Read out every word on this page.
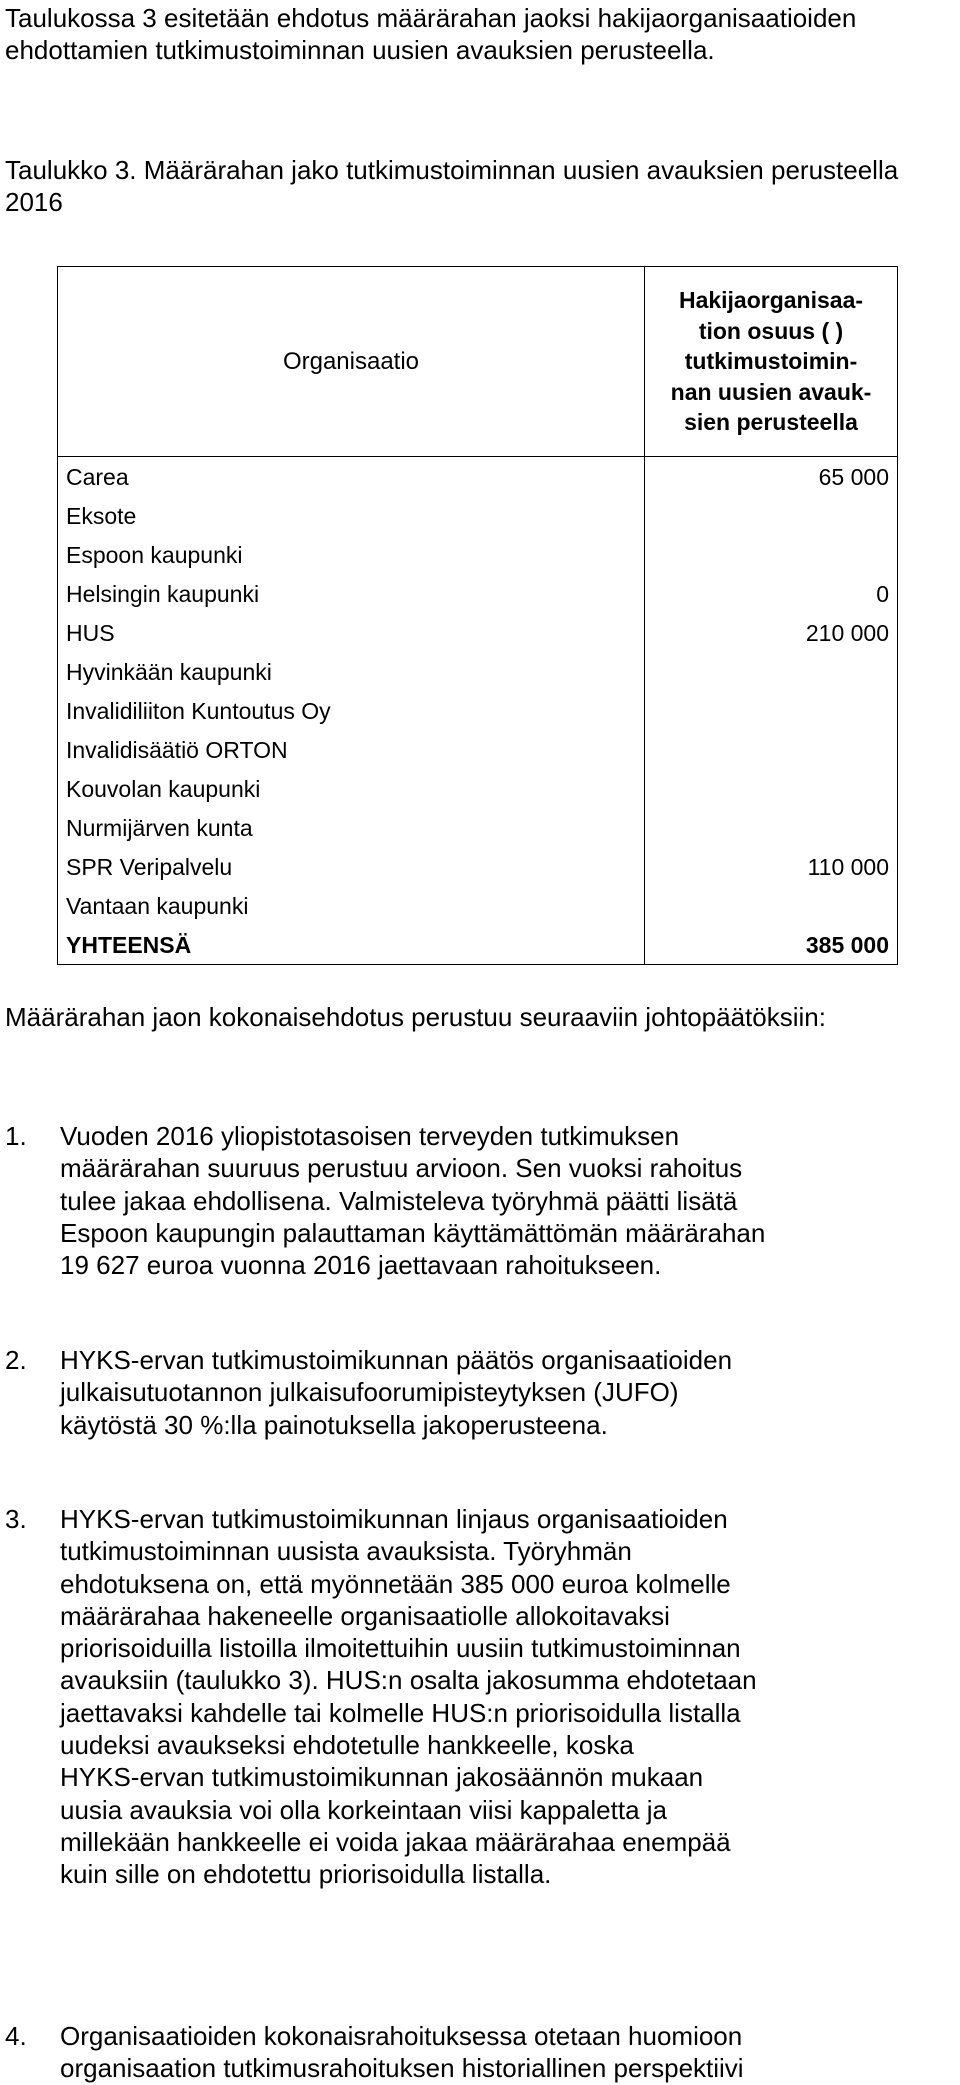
Taulukossa 3 esitetään ehdotus määrärahan jaoksi hakijaorganisaatioiden ehdottamien tutkimustoiminnan uusien avauksien perusteella.

Taulukko 3. Määrärahan jako tutkimustoiminnan uusien avauksien perusteella 2016

Organisaatio	Hakijaorganisaa-
tion osuus ( )
tutkimustoimin-
nan uusien avauk-
sien perusteella
Carea	65 000
Eksote	
Espoon kaupunki	
Helsingin kaupunki	0
HUS	210 000
Hyvinkään kaupunki	
Invalidiliiton Kuntoutus Oy	
Invalidisäätiö ORTON	
Kouvolan kaupunki	
Nurmijärven kunta	
SPR Veripalvelu	110 000
Vantaan kaupunki	
YHTEENSÄ	385 000

Määrärahan jaon kokonaisehdotus perustuu seuraaviin johtopäätöksiin:

1.	Vuoden 2016 yliopistotasoisen terveyden tutkimuksen
määrärahan suuruus perustuu arvioon. Sen vuoksi rahoitus
tulee jakaa ehdollisena. Valmisteleva työryhmä päätti lisätä
Espoon kaupungin palauttaman käyttämättömän määrärahan
19 627 euroa vuonna 2016 jaettavaan rahoitukseen.
2.	HYKS-ervan tutkimustoimikunnan päätös organisaatioiden
julkaisutuotannon julkaisufoorumipisteytyksen (JUFO)
käytöstä 30 %:lla painotuksella jakoperusteena.
3.	HYKS-ervan tutkimustoimikunnan linjaus organisaatioiden
tutkimustoiminnan uusista avauksista. Työryhmän
ehdotuksena on, että myönnetään 385 000 euroa kolmelle
määrärahaa hakeneelle organisaatiolle allokoitavaksi
priorisoiduilla listoilla ilmoitettuihin uusiin tutkimustoiminnan
avauksiin (taulukko 3). HUS:n osalta jakosumma ehdotetaan
jaettavaksi kahdelle tai kolmelle HUS:n priorisoidulla listalla
uudeksi avaukseksi ehdotetulle hankkeelle, koska
HYKS-ervan tutkimustoimikunnan jakosäännön mukaan
uusia avauksia voi olla korkeintaan viisi kappaletta ja
millekään hankkeelle ei voida jakaa määrärahaa enempää
kuin sille on ehdotettu priorisoidulla listalla.
4.	Organisaatioiden kokonaisrahoituksessa otetaan huomioon
organisaation tutkimusrahoituksen historiallinen perspektiivi
